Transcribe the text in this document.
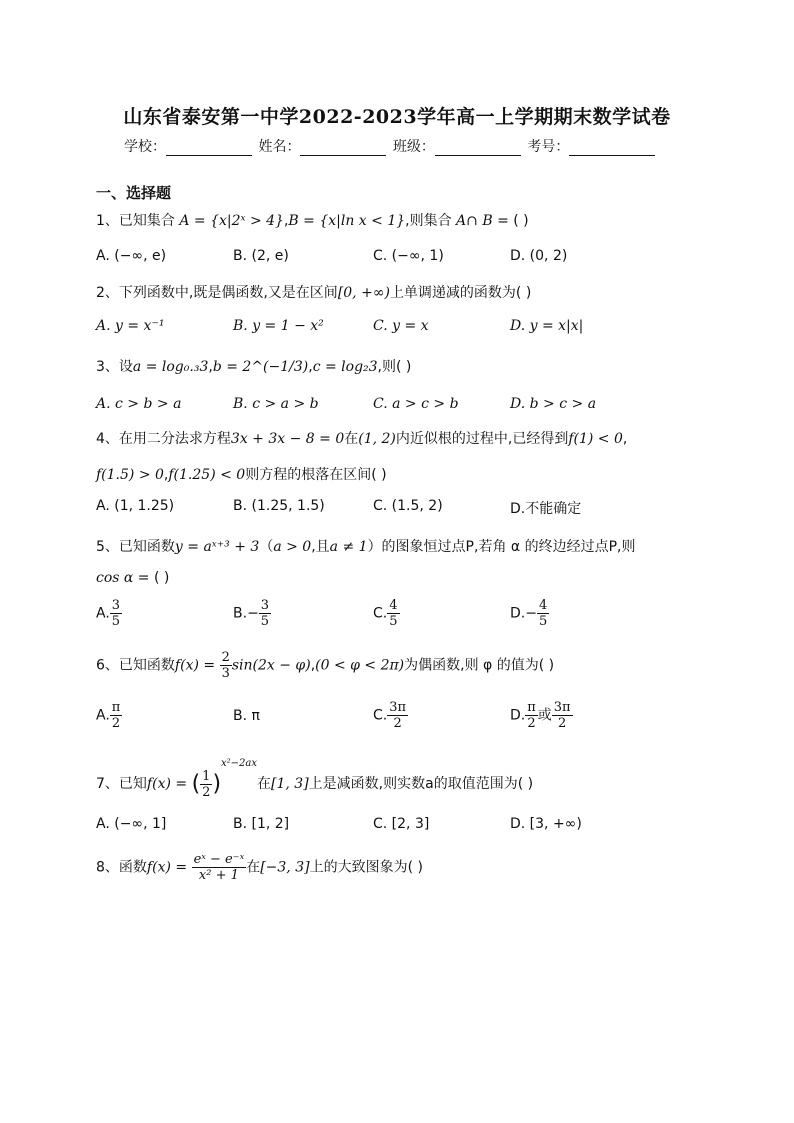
山东省泰安第一中学2022-2023学年高一上学期期末数学试卷
学校：	姓名：	班级：	考号：
一、选择题
1、已知集合 A = {x|2ˣ > 4},B = {x|ln x < 1},则集合 A∩ B = ( )
A. (−∞, e)	B. (2, e)	C. (−∞, 1)	D. (0, 2)
2、下列函数中,既是偶函数,又是在区间[0, +∞)上单调递减的函数为( )
A. y = x⁻¹	B. y = 1 − x²	C. y = x	D. y = x|x|
3、设a = log₀.₃3,b = 2^(−1/3),c = log₂3,则( )
A. c > b > a	B. c > a > b	C. a > c > b	D. b > c > a
4、在用二分法求方程3x + 3x − 8 = 0在(1, 2)内近似根的过程中,已经得到f(1) < 0,
f(1.5) > 0,f(1.25) < 0则方程的根落在区间( )
A. (1, 1.25)	B. (1.25, 1.5)	C. (1.5, 2)	D.不能确定
5、已知函数y = aˣ⁺³ + 3（a > 0,且a ≠ 1）的图象恒过点P,若角 α 的终边经过点P,则
cos α = ( )
A. $\frac{3}{5}$	$B.- \frac{3}{5}$	C. $\frac{4}{5}$	$D.- \frac{4}{5}$
6、已知函数$f(x) = \frac{2}{3} \sin(2x - \varphi),(0 < \varphi < 2\pi)$为偶函数,则 φ 的值为( )
A. $\frac{\pi}{2}$	B. π	C. $\frac{3\pi}{2}$	D. $\frac{\pi}{2}$ 或 $\frac{3\pi}{2}$
7、已知f(x) = ( $\frac{1}{2} )^{x^2-2ax}$在[1, 3]上是减函数,则实数a的取值范围为( )
A. (−∞, 1]	B. [1, 2]	C. [2, 3]	D. [3, +∞)
8、函数$f(x) = \frac{\text{eˣ − e⁻ˣ}}{\text{x² + 1}}$ 在[−3, 3]上的大致图象为( )
